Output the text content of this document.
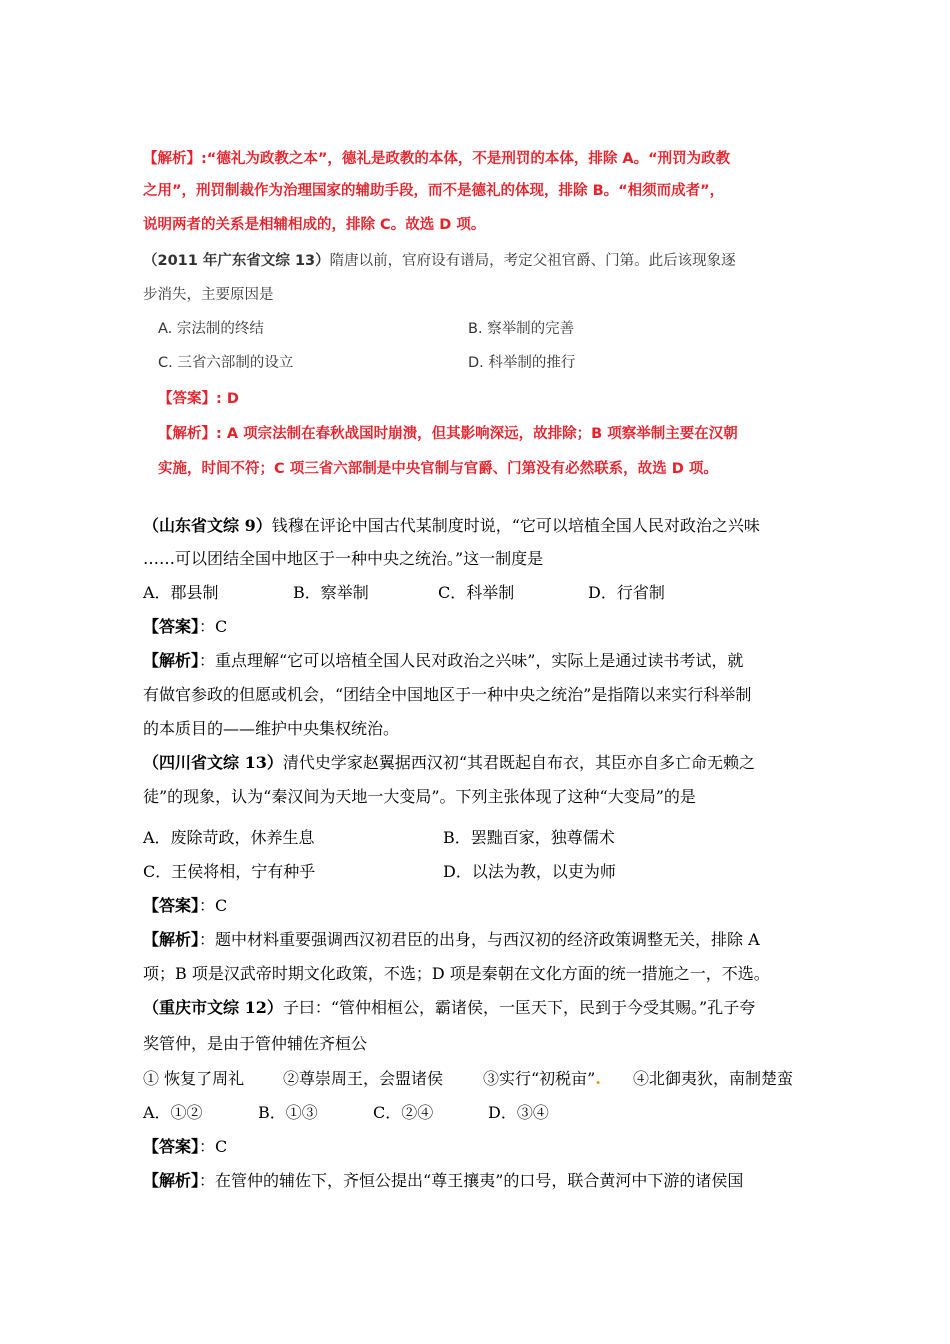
【解析】:“德礼为政教之本”，德礼是政教的本体，不是刑罚的本体，排除 A。“刑罚为政教
之用”，刑罚制裁作为治理国家的辅助手段，而不是德礼的体现，排除 B。“相须而成者”，
说明两者的关系是相辅相成的，排除 C。故选 D 项。
（2011 年广东省文综 13）隋唐以前，官府设有谱局，考定父祖官爵、门第。此后该现象逐
步消失，主要原因是
A. 宗法制的终结	B. 察举制的完善
C. 三省六部制的设立	D. 科举制的推行
【答案】: D
【解析】: A 项宗法制在春秋战国时崩溃，但其影响深远，故排除；B 项察举制主要在汉朝
实施，时间不符；C 项三省六部制是中央官制与官爵、门第没有必然联系，故选 D 项。
（山东省文综 9）钱穆在评论中国古代某制度时说，“它可以培植全国人民对政治之兴味
……可以团结全国中地区于一种中央之统治。”这一制度是
A．郡县制	B．察举制	C．科举制	D．行省制
【答案】：C
【解析】：重点理解“它可以培植全国人民对政治之兴味”，实际上是通过读书考试，就
有做官参政的但愿或机会，“团结全中国地区于一种中央之统治”是指隋以来实行科举制
的本质目的——维护中央集权统治。
（四川省文综 13）清代史学家赵翼据西汉初“其君既起自布衣，其臣亦自多亡命无赖之
徒”的现象，认为“秦汉间为天地一大变局”。下列主张体现了这种“大变局”的是
A．废除苛政，休养生息	B．罢黜百家，独尊儒术
C．王侯将相，宁有种乎	D．以法为教，以吏为师
【答案】：C
【解析】：题中材料重要强调西汉初君臣的出身，与西汉初的经济政策调整无关，排除 A
项；B 项是汉武帝时期文化政策，不选；D 项是秦朝在文化方面的统一措施之一，不选。
（重庆市文综 12）子曰：“管仲相桓公，霸诸侯，一匡天下，民到于今受其赐。”孔子夸
奖管仲，是由于管仲辅佐齐桓公
① 恢复了周礼 ②尊崇周王，会盟诸侯 ③实行“初税亩”. ④北御夷狄，南制楚蛮
A．①②	B．①③	C．②④	D．③④
【答案】：C
【解析】：在管仲的辅佐下，齐恒公提出“尊王攘夷”的口号，联合黄河中下游的诸侯国
